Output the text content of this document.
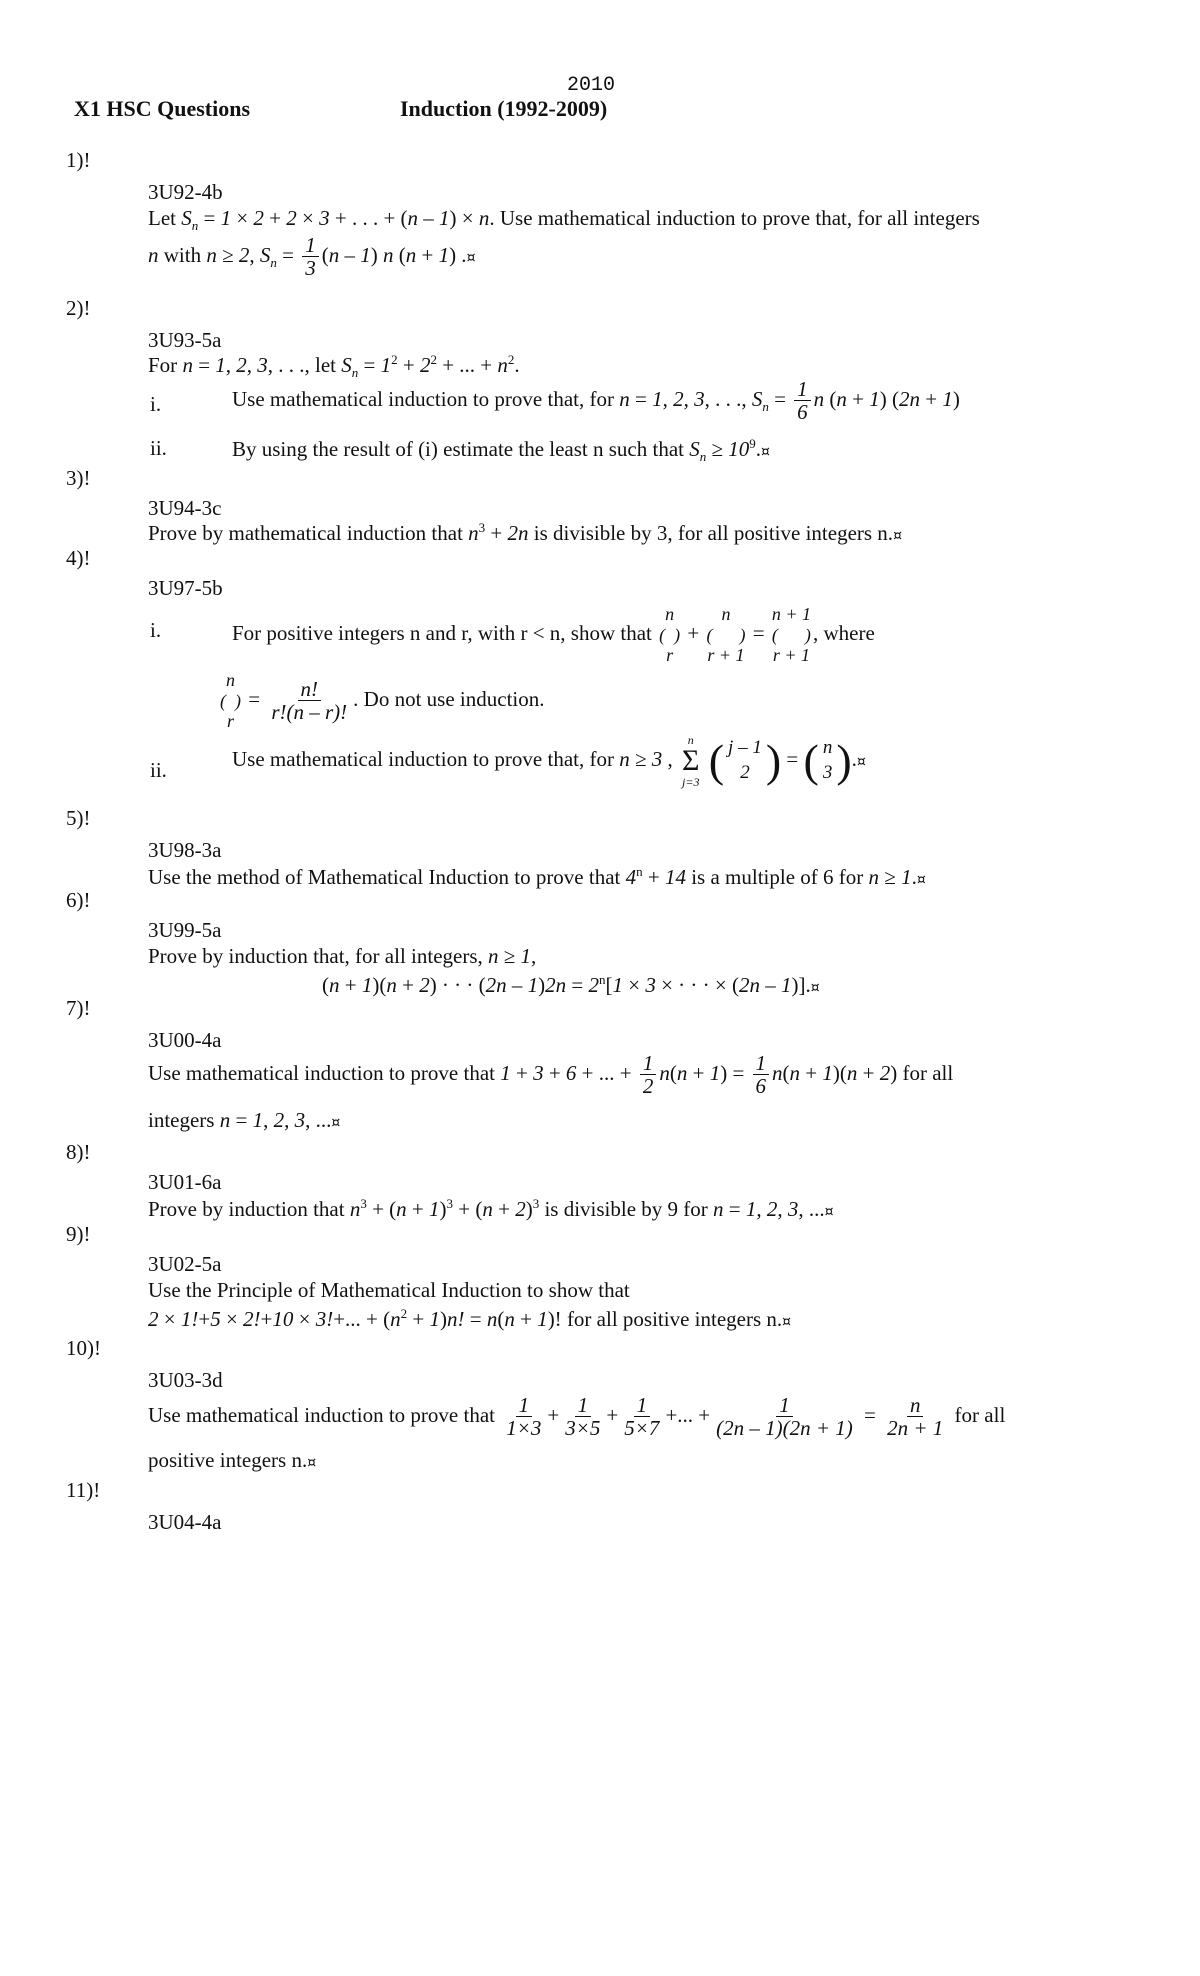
X1 HSC Questions
2010
Induction (1992-2009)
1)!
3U92-4b
Let $S_n = 1 \times 2 + 2 \times 3$ + . . . + (n – 1) × n. Use mathematical induction to prove that, for all integers
n with n ≥ 2, $S_n = \frac{1}{3} (n - 1)$ n (n + 1) .¤
2)!
3U93-5a
For n = 1, 2, 3, . . ., let $S_n = 1^2 + 2^2$ + ... + $n^2$.
i.	Use mathematical induction to prove that, for n = 1, 2, 3, . . ., $S_n = \frac{1}{6}$ n (n + 1) (2n + 1)
ii.	By using the result of (i) estimate the least n such that $S_n$ ≥ $10^9.¤$
3)!
3U94-3c
Prove by mathematical induction that $n^3 + 2n$ is divisible by 3, for all positive integers n.¤
4)!
3U97-5b
i.	For positive integers n and r, with r < n, show that
n
(  )
r
+
n
(      )
r + 1
=
n + 1
(      )
r + 1
, where
n
(  )
r
= $\frac{n!}{r!(n - r)!}$ . Do not use induction.
ii.	Use mathematical induction to prove that, for n ≥ 3 ,
n
Σ
j=3
( j – 1
2 ) = ( n
3 ) .¤
5)!
3U98-3a
Use the method of Mathematical Induction to prove that $4^n + 14$ is a multiple of 6 for n ≥ 1.¤
6)!
3U99-5a
Prove by induction that, for all integers, n ≥ 1,
(n + 1)(n + 2) · · · $(2n - 1)2n = 2^n[1 \times 3$ × · · · × (2n – 1)].¤
7)!
3U00-4a
Use mathematical induction to prove that 1 + 3 + 6 + ... + $\frac{1}{2} n(n + 1) = \frac{1}{6} n(n + 1)(n + 2)$ for all
integers n = 1, 2, 3, ...¤
8)!
3U01-6a
Prove by induction that $n^3 + (n + 1)^3 + (n + 2)^3$ is divisible by 9 for n = 1, 2, 3, ...¤
9)!
3U02-5a
Use the Principle of Mathematical Induction to show that
2 × 1!+5 × 2!+10 × 3!+... + $(n^2 + 1)n$! = n(n + 1)! for all positive integers n.¤
10)!
3U03-3d
Use mathematical induction to prove that $\frac{1}{1\times 3} + \frac{1}{3\times 5} + \frac{1}{5\times 7}$ +... + $\frac{1}{(2n - 1)(2n + 1)} = \frac{n}{2n + 1}$ for all
positive integers n.¤
11)!
3U04-4a
